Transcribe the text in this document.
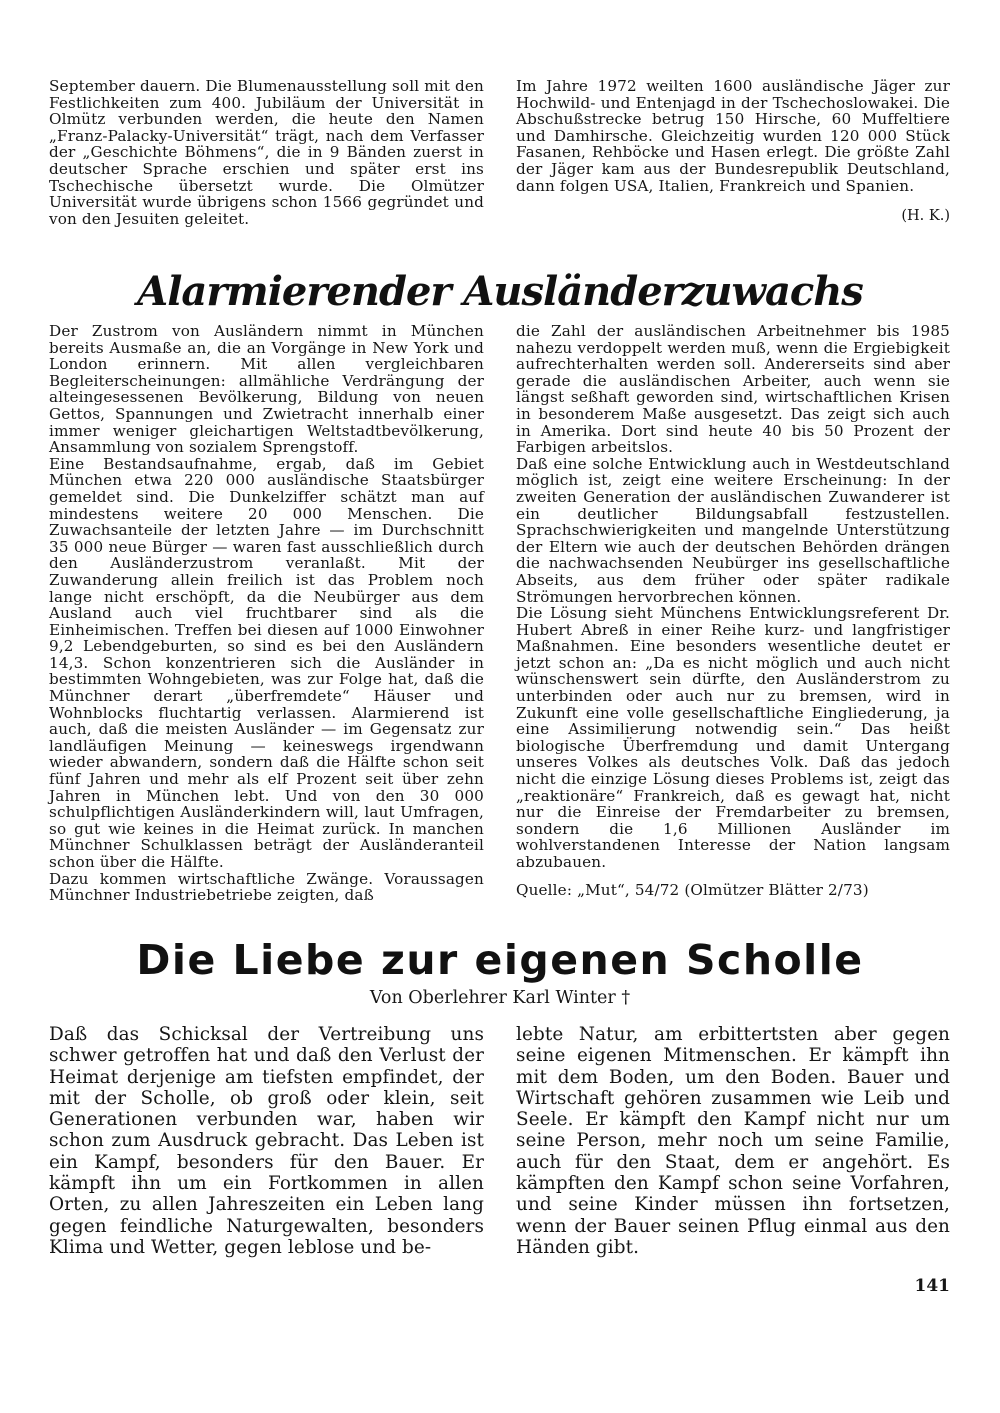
September dauern. Die Blumenausstellung soll mit den Festlichkeiten zum 400. Jubiläum der Universität in Olmütz verbunden werden, die heute den Namen „Franz-Palacky-Universität“ trägt, nach dem Verfasser der „Geschichte Böhmens“, die in 9 Bänden zuerst in deutscher Sprache erschien und später erst ins Tschechische übersetzt wurde. Die Olmützer Universität wurde übrigens schon 1566 gegründet und von den Jesuiten geleitet.

Im Jahre 1972 weilten 1600 ausländische Jäger zur Hochwild- und Entenjagd in der Tschechoslowakei. Die Abschußstrecke betrug 150 Hirsche, 60 Muffeltiere und Damhirsche. Gleichzeitig wurden 120 000 Stück Fasanen, Rehböcke und Hasen erlegt. Die größte Zahl der Jäger kam aus der Bundesrepublik Deutschland, dann folgen USA, Italien, Frankreich und Spanien.

(H. K.)
Alarmierender Ausländerzuwachs

Der Zustrom von Ausländern nimmt in München bereits Ausmaße an, die an Vorgänge in New York und London erinnern. Mit allen vergleichbaren Begleiterscheinungen: allmähliche Verdrängung der alteingesessenen Bevölkerung, Bildung von neuen Gettos, Spannungen und Zwietracht innerhalb einer immer weniger gleichartigen Weltstadtbevölkerung, Ansammlung von sozialem Sprengstoff.

Eine Bestandsaufnahme, ergab, daß im Gebiet München etwa 220 000 ausländische Staatsbürger gemeldet sind. Die Dunkelziffer schätzt man auf mindestens weitere 20 000 Menschen. Die Zuwachsanteile der letzten Jahre — im Durchschnitt 35 000 neue Bürger — waren fast ausschließlich durch den Ausländerzustrom veranlaßt. Mit der Zuwanderung allein freilich ist das Problem noch lange nicht erschöpft, da die Neubürger aus dem Ausland auch viel fruchtbarer sind als die Einheimischen. Treffen bei diesen auf 1000 Einwohner 9,2 Lebendgeburten, so sind es bei den Ausländern 14,3. Schon konzentrieren sich die Ausländer in bestimmten Wohngebieten, was zur Folge hat, daß die Münchner derart „überfremdete“ Häuser und Wohnblocks fluchtartig verlassen. Alarmierend ist auch, daß die meisten Ausländer — im Gegensatz zur landläufigen Meinung — keineswegs irgendwann wieder abwandern, sondern daß die Hälfte schon seit fünf Jahren und mehr als elf Prozent seit über zehn Jahren in München lebt. Und von den 30 000 schulpflichtigen Ausländerkindern will, laut Umfragen, so gut wie keines in die Heimat zurück. In manchen Münchner Schulklassen beträgt der Ausländeranteil schon über die Hälfte.

Dazu kommen wirtschaftliche Zwänge. Voraussagen Münchner Industriebetriebe zeigten, daß

die Zahl der ausländischen Arbeitnehmer bis 1985 nahezu verdoppelt werden muß, wenn die Ergiebigkeit aufrechterhalten werden soll. Andererseits sind aber gerade die ausländischen Arbeiter, auch wenn sie längst seßhaft geworden sind, wirtschaftlichen Krisen in besonderem Maße ausgesetzt. Das zeigt sich auch in Amerika. Dort sind heute 40 bis 50 Prozent der Farbigen arbeitslos.

Daß eine solche Entwicklung auch in Westdeutschland möglich ist, zeigt eine weitere Erscheinung: In der zweiten Generation der ausländischen Zuwanderer ist ein deutlicher Bildungsabfall festzustellen. Sprachschwierigkeiten und mangelnde Unterstützung der Eltern wie auch der deutschen Behörden drängen die nachwachsenden Neubürger ins gesellschaftliche Abseits, aus dem früher oder später radikale Strömungen hervorbrechen können.

Die Lösung sieht Münchens Entwicklungsreferent Dr. Hubert Abreß in einer Reihe kurz- und langfristiger Maßnahmen. Eine besonders wesentliche deutet er jetzt schon an: „Da es nicht möglich und auch nicht wünschenswert sein dürfte, den Ausländerstrom zu unterbinden oder auch nur zu bremsen, wird in Zukunft eine volle gesellschaftliche Eingliederung, ja eine Assimilierung notwendig sein.“ Das heißt biologische Überfremdung und damit Untergang unseres Volkes als deutsches Volk. Daß das jedoch nicht die einzige Lösung dieses Problems ist, zeigt das „reaktionäre“ Frankreich, daß es gewagt hat, nicht nur die Einreise der Fremdarbeiter zu bremsen, sondern die 1,6 Millionen Ausländer im wohlverstandenen Interesse der Nation langsam abzubauen.

Quelle: „Mut“, 54/72 (Olmützer Blätter 2/73)

Die Liebe zur eigenen Scholle

Von Oberlehrer Karl Winter †

Daß das Schicksal der Vertreibung uns schwer getroffen hat und daß den Verlust der Heimat derjenige am tiefsten empfindet, der mit der Scholle, ob groß oder klein, seit Generationen verbunden war, haben wir schon zum Ausdruck gebracht. Das Leben ist ein Kampf, besonders für den Bauer. Er kämpft ihn um ein Fortkommen in allen Orten, zu allen Jahreszeiten ein Leben lang gegen feindliche Naturgewalten, besonders Klima und Wetter, gegen leblose und be-

lebte Natur, am erbittertsten aber gegen seine eigenen Mitmenschen. Er kämpft ihn mit dem Boden, um den Boden. Bauer und Wirtschaft gehören zusammen wie Leib und Seele. Er kämpft den Kampf nicht nur um seine Person, mehr noch um seine Familie, auch für den Staat, dem er angehört. Es kämpften den Kampf schon seine Vorfahren, und seine Kinder müssen ihn fortsetzen, wenn der Bauer seinen Pflug einmal aus den Händen gibt.

141
